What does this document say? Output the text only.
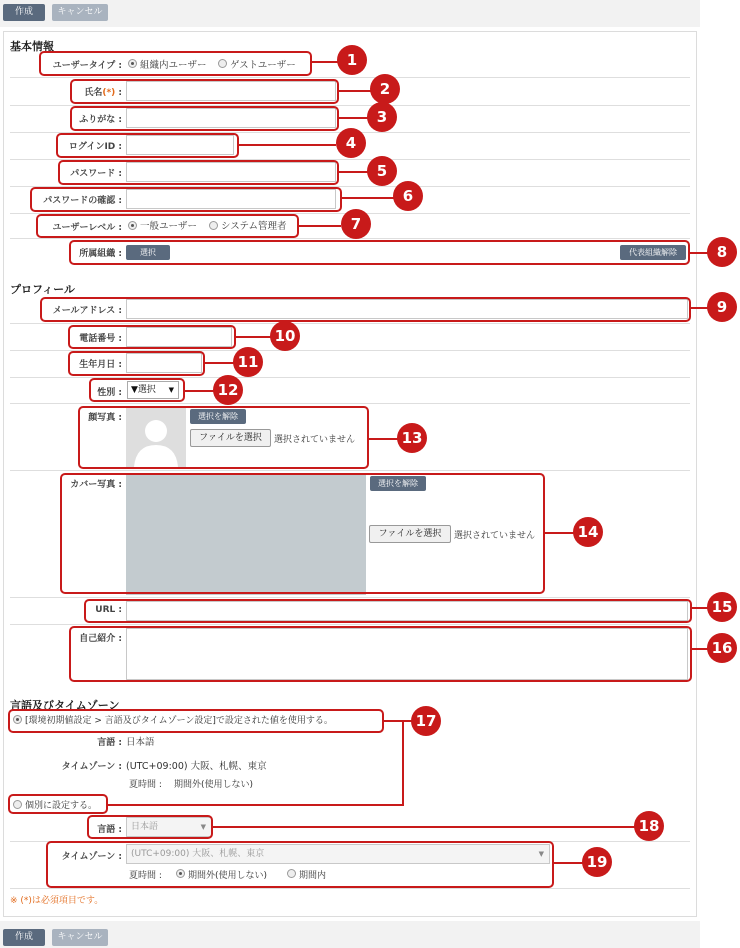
作成	キャンセル
基本情報
ユーザータイプ : 組織内ユーザー ゲストユーザー
氏名(*) :
ふりがな :
ログインID :
パスワード :
パスワードの確認 :
ユーザーレベル : 一般ユーザー	システム管理者
所属組織 :	選択	代表組織解除
プロフィール
メールアドレス :
電話番号 :
生年月日 :
性別 :	▼選択 ▼
顔写真 :	選択を解除
ファイルを選択	選択されていません
カバー写真 :	選択を解除
ファイルを選択	選択されていません
URL :
自己紹介 :
言語及びタイムゾーン
[環境初期値設定 > 言語及びタイムゾーン設定]で設定された値を使用する。
言語 : 日本語
タイムゾーン : (UTC+09:00) 大阪、札幌、東京
夏時間 : 期間外(使用しない)
個別に設定する。
言語 :	日本語	▼
タイムゾーン :	(UTC+09:00) 大阪、札幌、東京	▼
夏時間 :	期間外(使用しない)	期間内
※ (*)は必須項目です。
作成	キャンセル
1
2
3
4
5
6
7
8
9
10
11
12
13
14
15
16
17
18
19
